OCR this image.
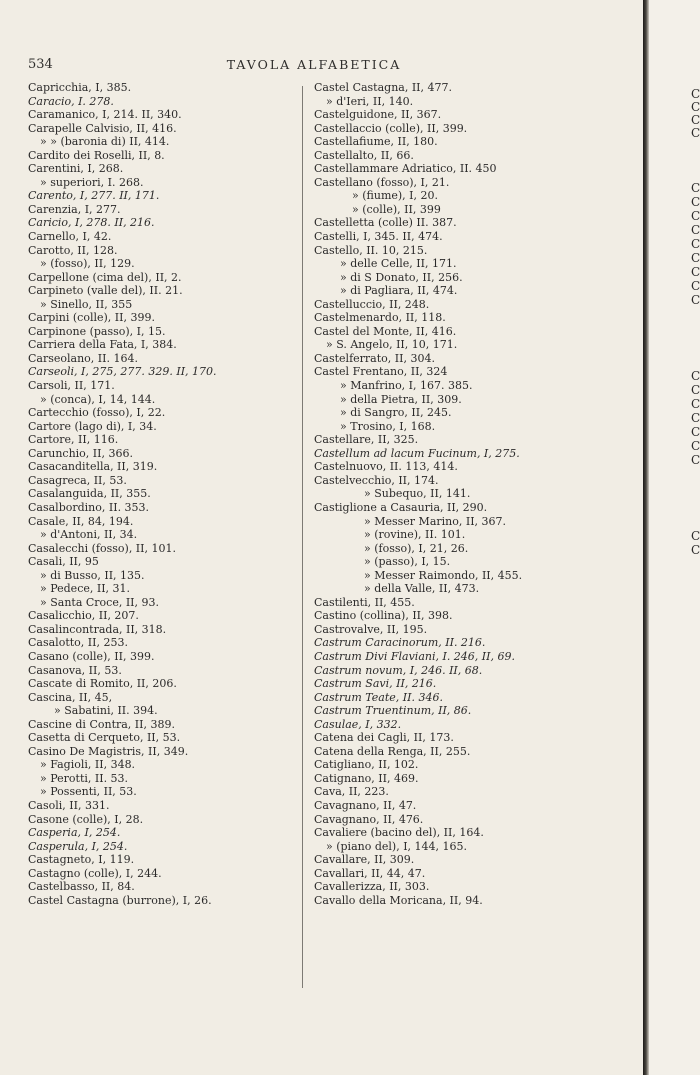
534	TAVOLA ALFABETICA
Capricchia, I, 385.
Caracio, I. 278.
Caramanico, I, 214. II, 340.
Carapelle Calvisio, II, 416.
» » (baronia di) II, 414.
Cardito dei Roselli, II, 8.
Carentini, I, 268.
» superiori, I. 268.
Carento, I, 277. II, 171.
Carenzia, I, 277.
Caricio, I, 278. II, 216.
Carnello, I, 42.
Carotto, II, 128.
» (fosso), II, 129.
Carpellone (cima del), II, 2.
Carpineto (valle del), II. 21.
» Sinello, II, 355
Carpini (colle), II, 399.
Carpinone (passo), I, 15.
Carriera della Fata, I, 384.
Carseolano, II. 164.
Carseoli, I, 275, 277. 329. II, 170.
Carsoli, II, 171.
» (conca), I, 14, 144.
Cartecchio (fosso), I, 22.
Cartore (lago di), I, 34.
Cartore, II, 116.
Carunchio, II, 366.
Casacanditella, II, 319.
Casagreca, II, 53.
Casalanguida, II, 355.
Casalbordino, II. 353.
Casale, II, 84, 194.
» d'Antoni, II, 34.
Casalecchi (fosso), II, 101.
Casali, II, 95
» di Busso, II, 135.
» Pedece, II, 31.
» Santa Croce, II, 93.
Casalicchio, II, 207.
Casalincontrada, II, 318.
Casalotto, II, 253.
Casano (colle), II, 399.
Casanova, II, 53.
Cascate di Romito, II, 206.
Cascina, II, 45,
» Sabatini, II. 394.
Cascine di Contra, II, 389.
Casetta di Cerqueto, II, 53.
Casino De Magistris, II, 349.
» Fagioli, II, 348.
» Perotti, II. 53.
» Possenti, II, 53.
Casoli, II, 331.
Casone (colle), I, 28.
Casperia, I, 254.
Casperula, I, 254.
Castagneto, I, 119.
Castagno (colle), I, 244.
Castelbasso, II, 84.
Castel Castagna (burrone), I, 26.
Castel Castagna, II, 477.
» d'Ieri, II, 140.
Castelguidone, II, 367.
Castellaccio (colle), II, 399.
Castellafiume, II, 180.
Castellalto, II, 66.
Castellammare Adriatico, II. 450
Castellano (fosso), I, 21.
» (fiume), I, 20.
» (colle), II, 399
Castelletta (colle) II. 387.
Castelli, I, 345. II, 474.
Castello, II. 10, 215.
» delle Celle, II, 171.
» di S Donato, II, 256.
» di Pagliara, II, 474.
Castelluccio, II, 248.
Castelmenardo, II, 118.
Castel del Monte, II, 416.
» S. Angelo, II, 10, 171.
Castelferrato, II, 304.
Castel Frentano, II, 324
» Manfrino, I, 167. 385.
» della Pietra, II, 309.
» di Sangro, II, 245.
» Trosino, I, 168.
Castellare, II, 325.
Castellum ad lacum Fucinum, I, 275.
Castelnuovo, II. 113, 414.
Castelvecchio, II, 174.
» Subequo, II, 141.
Castiglione a Casauria, II, 290.
» Messer Marino, II, 367.
» (rovine), II. 101.
» (fosso), I, 21, 26.
» (passo), I, 15.
» Messer Raimondo, II, 455.
» della Valle, II, 473.
Castilenti, II, 455.
Castino (collina), II, 398.
Castrovalve, II, 195.
Castrum Caracinorum, II. 216.
Castrum Divi Flaviani, I. 246, II, 69.
Castrum novum, I, 246. II, 68.
Castrum Savi, II, 216.
Castrum Teate, II. 346.
Castrum Truentinum, II, 86.
Casulae, I, 332.
Catena dei Cagli, II, 173.
Catena della Renga, II, 255.
Catigliano, II, 102.
Catignano, II, 469.
Cava, II, 223.
Cavagnano, II, 47.
Cavagnano, II, 476.
Cavaliere (bacino del), II, 164.
» (piano del), I, 144, 165.
Cavallare, II, 309.
Cavallari, II, 44, 47.
Cavallerizza, II, 303.
Cavallo della Moricana, II, 94.
C
C
C
C
C
C
C
C
C
C
C
C
C
C
C
C
C
C
C
C
C
C
